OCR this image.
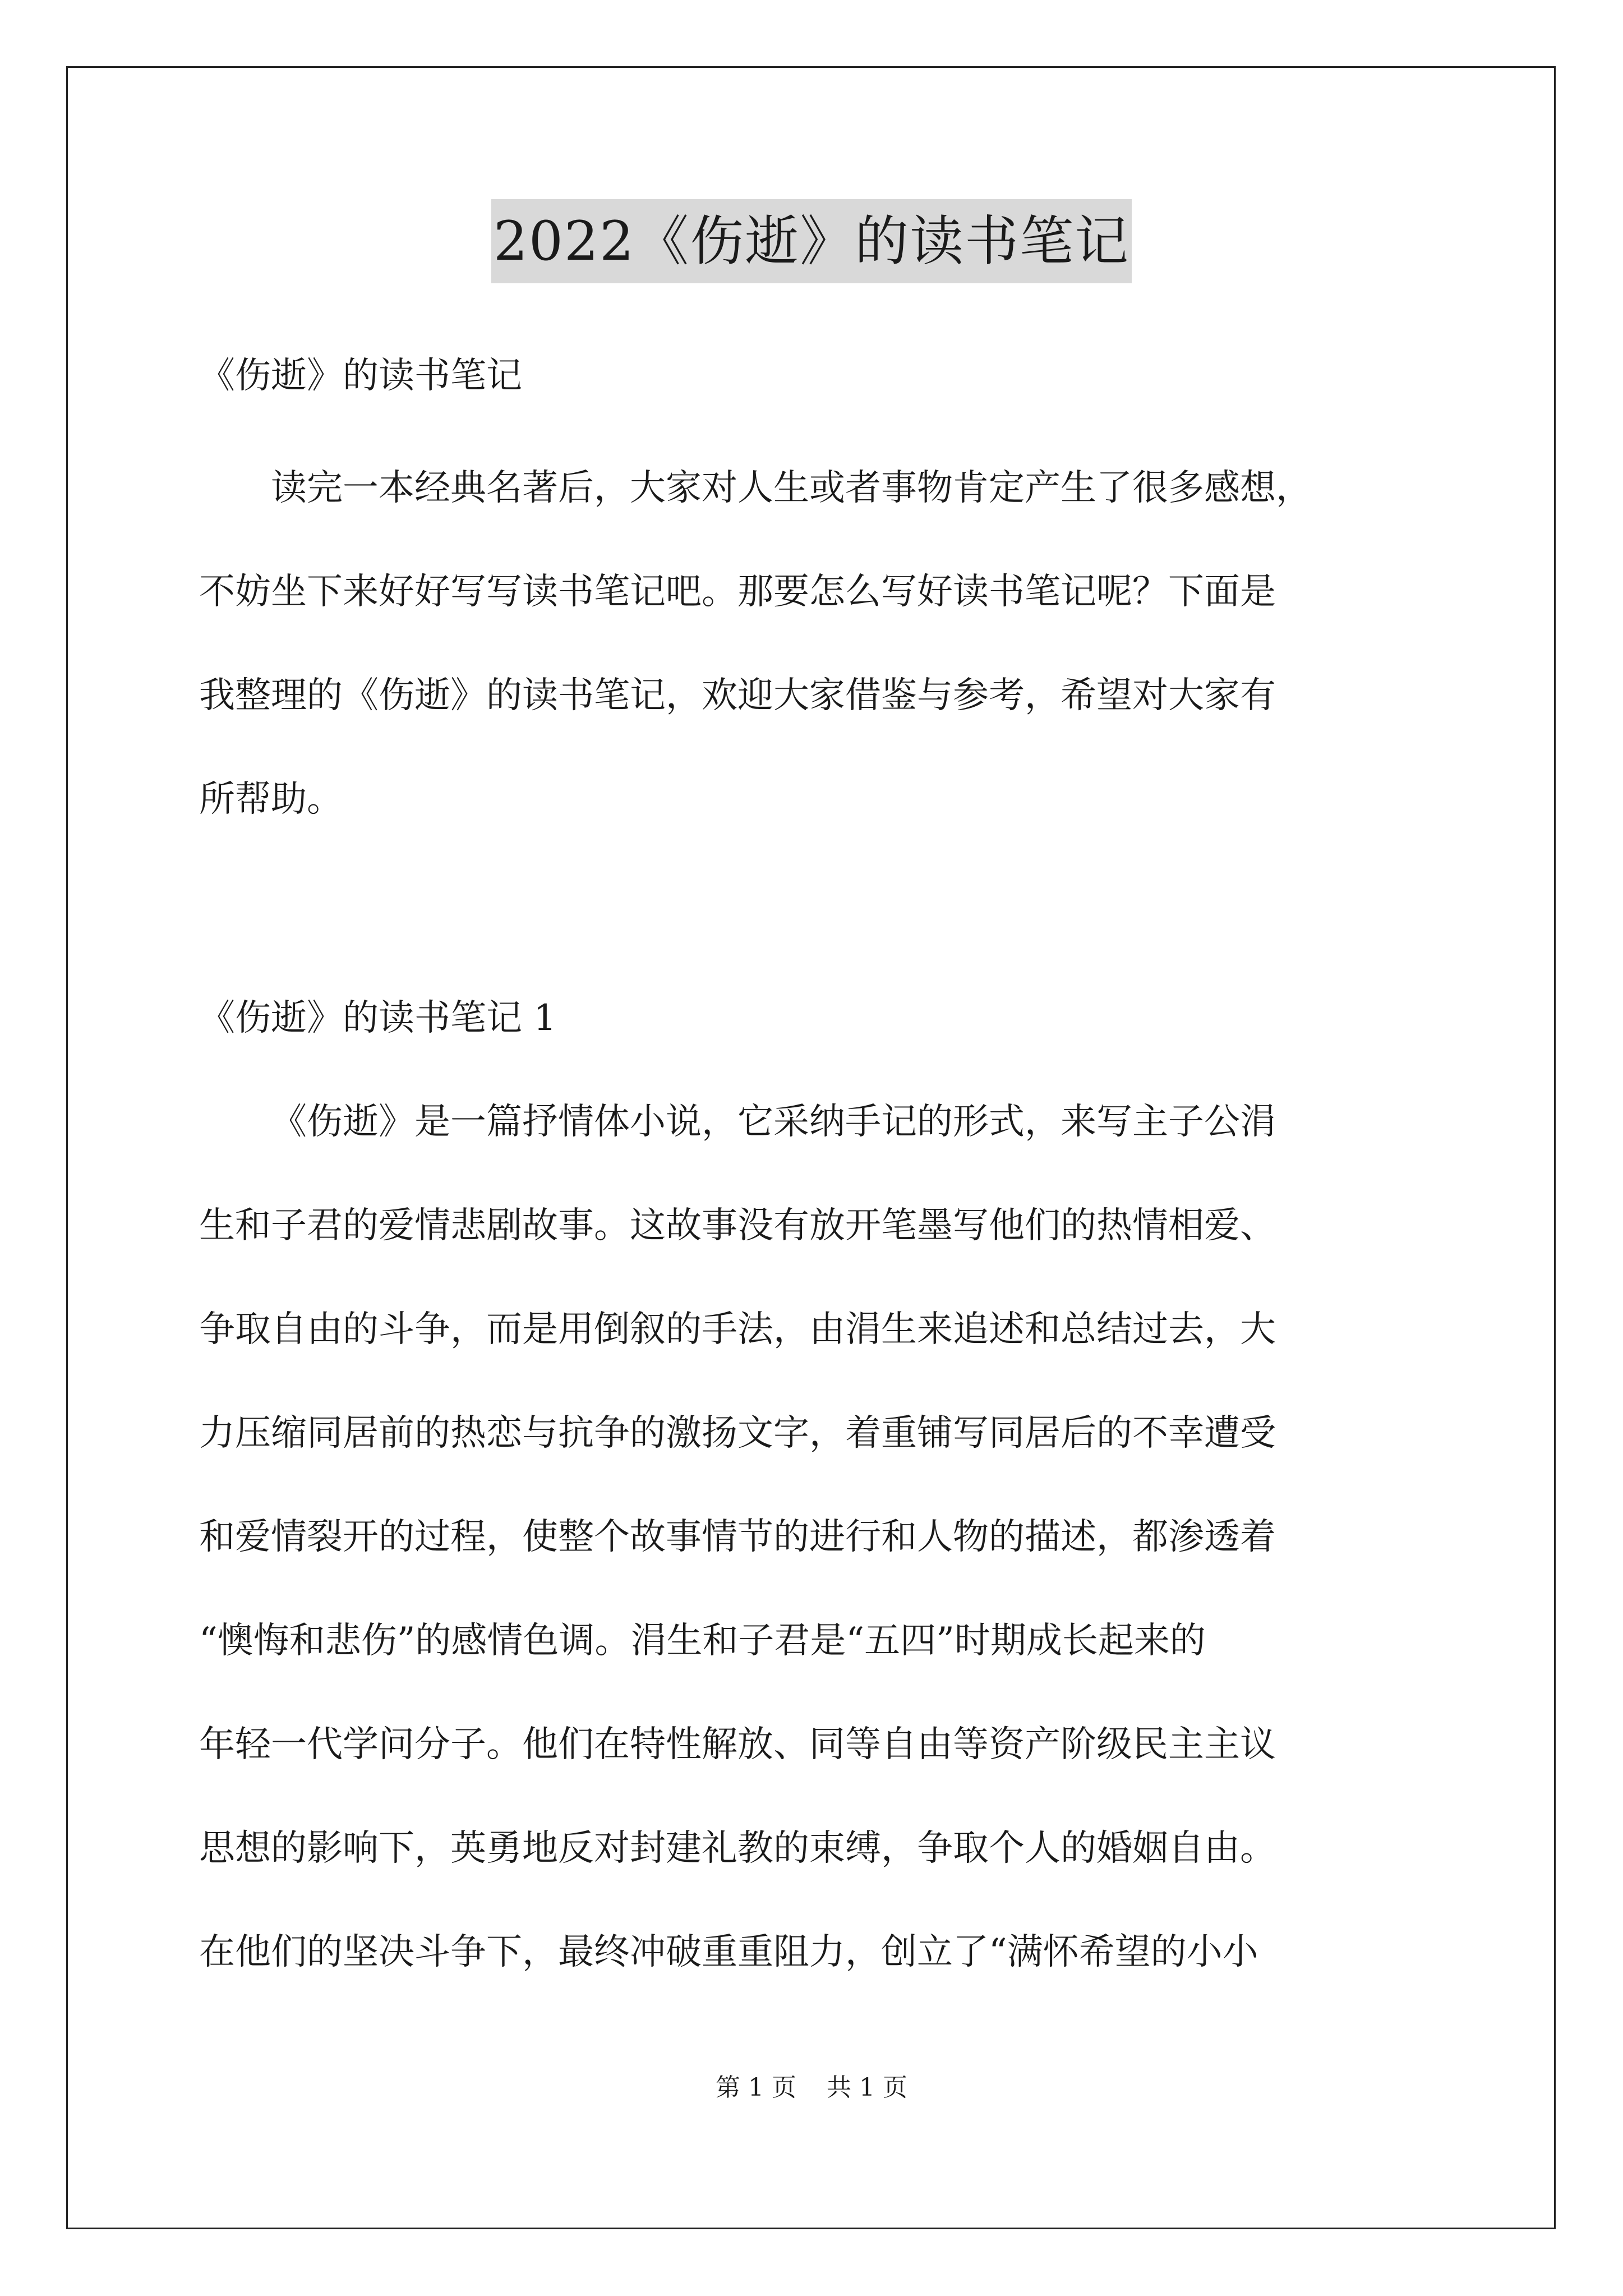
2022《伤逝》的读书笔记
《伤逝》的读书笔记
读完一本经典名著后，大家对人生或者事物肯定产生了很多感想，
不妨坐下来好好写写读书笔记吧。那要怎么写好读书笔记呢？下面是
我整理的《伤逝》的读书笔记，欢迎大家借鉴与参考，希望对大家有
所帮助。
《伤逝》的读书笔记 1
《伤逝》是一篇抒情体小说，它采纳手记的形式，来写主子公涓
生和子君的爱情悲剧故事。这故事没有放开笔墨写他们的热情相爱、
争取自由的斗争，而是用倒叙的手法，由涓生来追述和总结过去，大
力压缩同居前的热恋与抗争的激扬文字，着重铺写同居后的不幸遭受
和爱情裂开的过程，使整个故事情节的进行和人物的描述，都渗透着
“懊悔和悲伤”的感情色调。涓生和子君是“五四”时期成长起来的
年轻一代学问分子。他们在特性解放、同等自由等资产阶级民主主议
思想的影响下，英勇地反对封建礼教的束缚，争取个人的婚姻自由。
在他们的坚决斗争下，最终冲破重重阻力，创立了“满怀希望的小小
第 1 页 共 1 页
